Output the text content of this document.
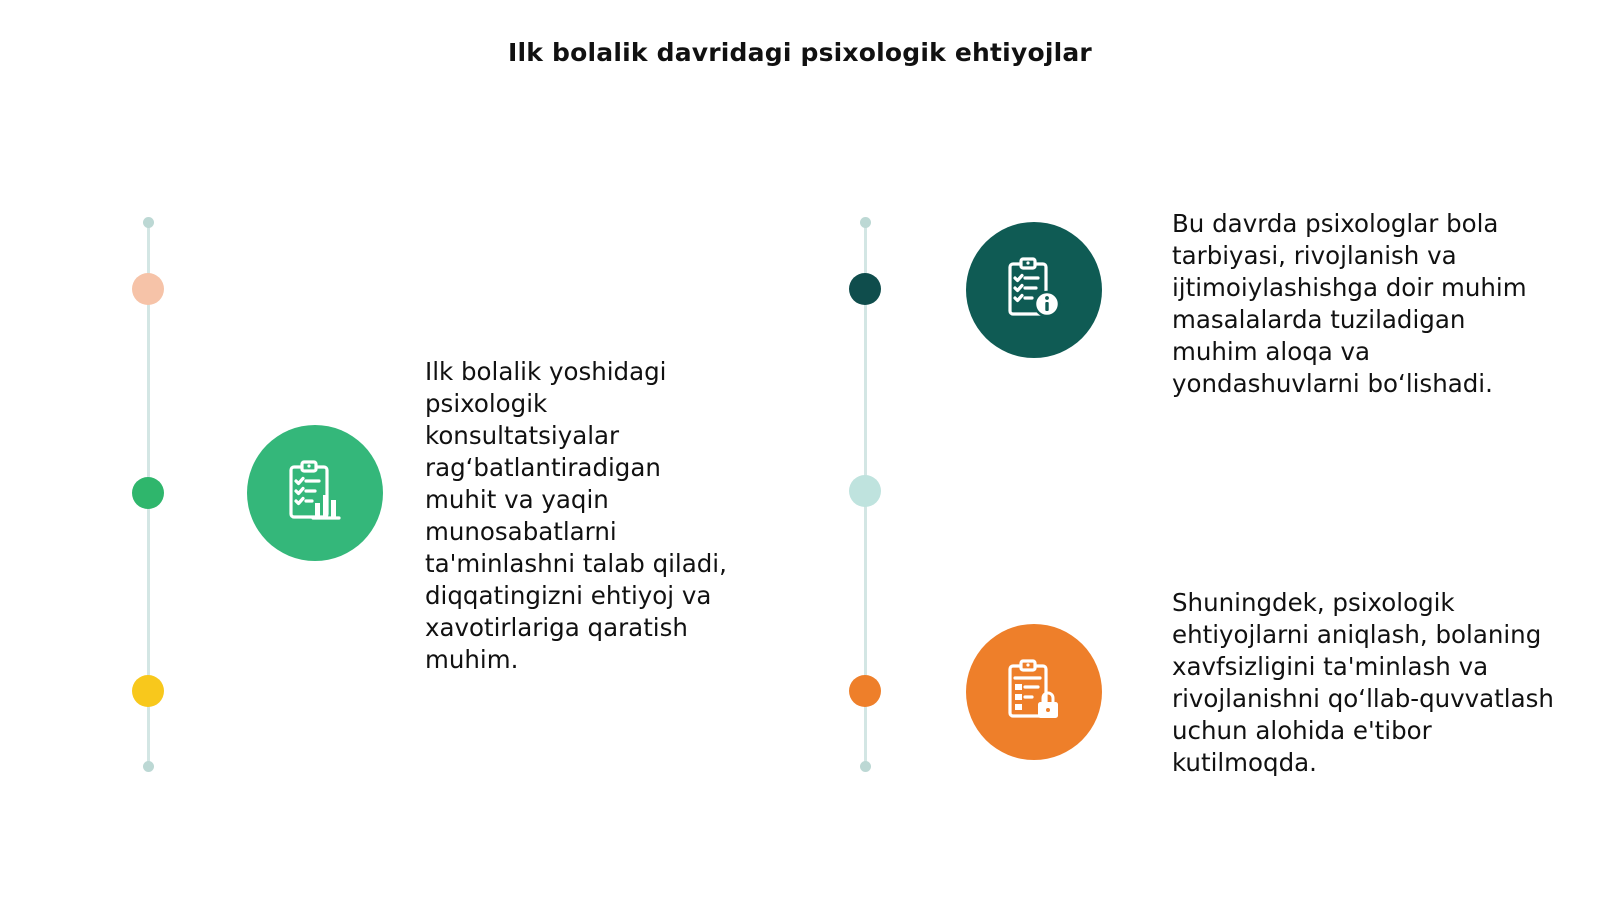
Ilk bolalik davridagi psixologik ehtiyojlar

Ilk bolalik yoshidagi psixologik konsultatsiyalar rag‘batlantiradigan muhit va yaqin munosabatlarni ta'minlashni talab qiladi, diqqatingizni ehtiyoj va xavotirlariga qaratish muhim.

Bu davrda psixologlar bola tarbiyasi, rivojlanish va ijtimoiylashishga doir muhim masalalarda tuziladigan muhim aloqa va yondashuvlarni bo‘lishadi.

Shuningdek, psixologik ehtiyojlarni aniqlash, bolaning xavfsizligini ta'minlash va rivojlanishni qo‘llab-quvvatlash uchun alohida e'tibor kutilmoqda.
